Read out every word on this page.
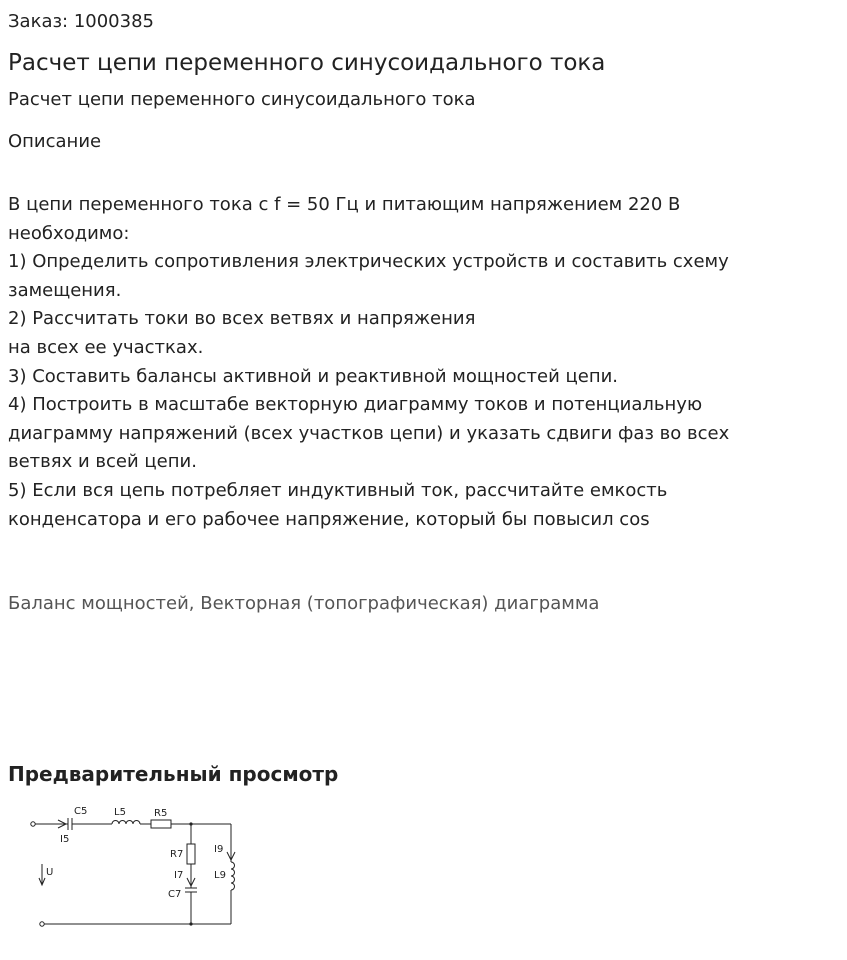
Заказ: 1000385
Расчет цепи переменного синусоидального тока
Расчет цепи переменного синусоидального тока
Описание
В цепи переменного тока с f = 50 Гц и питающим напряжением 220 В
необходимо:
1) Определить сопротивления электрических устройств и составить схему
замещения.
2) Рассчитать токи во всех ветвях и напряжения
на всех ее участках.
3) Составить балансы активной и реактивной мощностей цепи.
4) Построить в масштабе векторную диаграмму токов и потенциальную
диаграмму напряжений (всех участков цепи) и указать сдвиги фаз во всех
ветвях и всей цепи.
5) Если вся цепь потребляет индуктивный ток, рассчитайте емкость
конденсатора и его рабочее напряжение, который бы повысил cos
Баланс мощностей, Векторная (топографическая) диаграмма
Предварительный просмотр
C5	L5	R5
I5
R7
I7
C7
I9
L9
U
